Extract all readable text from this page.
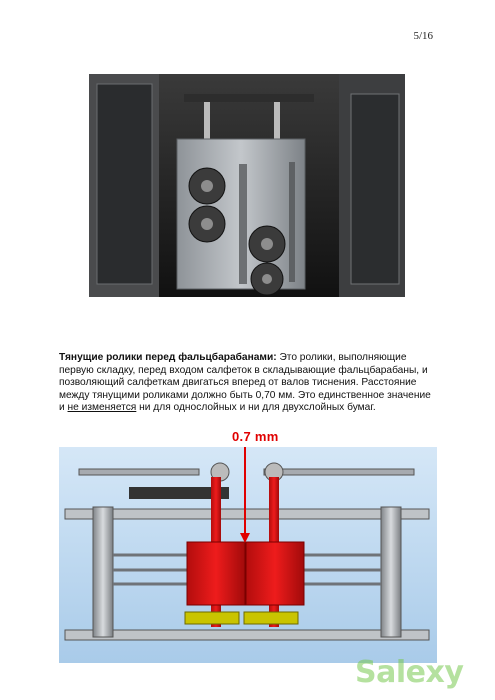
5/16
Тянущие ролики перед фальцбарабанами: Это ролики, выполняющие первую складку, перед входом салфеток в складывающие фальцбарабаны, и позволяющий салфеткам двигаться вперед от валов тиснения. Расстояние между тянущими роликами должно быть 0,70 мм. Это единственное значение и не изменяется ни для однослойных и ни для двухслойных бумаг.
0.7 mm
Salexy
